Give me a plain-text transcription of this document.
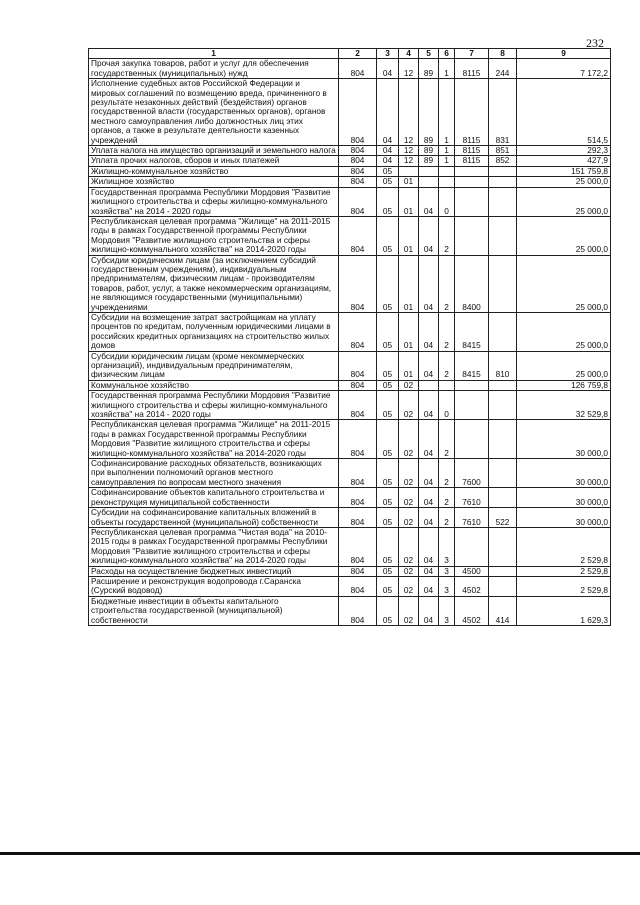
232
1	2	3	4	5	6	7	8	9
Прочая закупка товаров, работ и услуг для обеспечения государственных (муниципальных) нужд	804	04	12	89	1	8115	244	7 172,2
Исполнение судебных актов Российской Федерации и мировых соглашений по возмещению вреда, причиненного в результате незаконных действий (бездействия) органов государственной власти (государственных органов), органов местного самоуправления либо должностных лиц этих органов, а также в результате деятельности казенных учреждений	804	04	12	89	1	8115	831	514,5
Уплата налога на имущество организаций и земельного налога	804	04	12	89	1	8115	851	292,3
Уплата прочих налогов, сборов и иных платежей	804	04	12	89	1	8115	852	427,9
Жилищно-коммунальное хозяйство	804	05						151 759,8
Жилищное хозяйство	804	05	01					25 000,0
Государственная программа Республики Мордовия "Развитие жилищного строительства и сферы жилищно-коммунального хозяйства" на 2014 - 2020 годы	804	05	01	04	0			25 000,0
Республиканская целевая программа "Жилище" на 2011-2015 годы в рамках Государственной программы Республики Мордовия "Развитие жилищного строительства и сферы жилищно-коммунального хозяйства" на 2014-2020 годы	804	05	01	04	2			25 000,0
Субсидии юридическим лицам (за исключением субсидий государственным учреждениям), индивидуальным предпринимателям, физическим лицам - производителям товаров, работ, услуг, а также некоммерческим организациям, не являющимся государственными (муниципальными) учреждениями	804	05	01	04	2	8400		25 000,0
Субсидии на возмещение затрат застройщикам на уплату процентов по кредитам, полученным юридическими лицами в российских кредитных организациях на строительство жилых домов	804	05	01	04	2	8415		25 000,0
Субсидии юридическим лицам (кроме некоммерческих организаций), индивидуальным предпринимателям, физическим лицам	804	05	01	04	2	8415	810	25 000,0
Коммунальное хозяйство	804	05	02					126 759,8
Государственная программа Республики Мордовия "Развитие жилищного строительства и сферы жилищно-коммунального хозяйства" на 2014 - 2020 годы	804	05	02	04	0			32 529,8
Республиканская целевая программа "Жилище" на 2011-2015 годы в рамках Государственной программы Республики Мордовия "Развитие жилищного строительства и сферы жилищно-коммунального хозяйства" на 2014-2020 годы	804	05	02	04	2			30 000,0
Софинансирование расходных обязательств, возникающих при выполнении полномочий органов местного самоуправления по вопросам местного значения	804	05	02	04	2	7600		30 000,0
Софинансирование объектов капитального строительства и реконструкция муниципальной собственности	804	05	02	04	2	7610		30 000,0
Субсидии на софинансирование капитальных вложений в объекты государственной (муниципальной) собственности	804	05	02	04	2	7610	522	30 000,0
Республиканская целевая программа "Чистая вода" на 2010-2015 годы в рамках Государственной программы Республики Мордовия "Развитие жилищного строительства и сферы жилищно-коммунального хозяйства" на 2014-2020 годы	804	05	02	04	3			2 529,8
Расходы на осуществление бюджетных инвестиций	804	05	02	04	3	4500		2 529,8
Расширение и реконструкция водопровода г.Саранска (Сурский водовод)	804	05	02	04	3	4502		2 529,8
Бюджетные инвестиции в объекты капитального строительства государственной (муниципальной) собственности	804	05	02	04	3	4502	414	1 629,3
